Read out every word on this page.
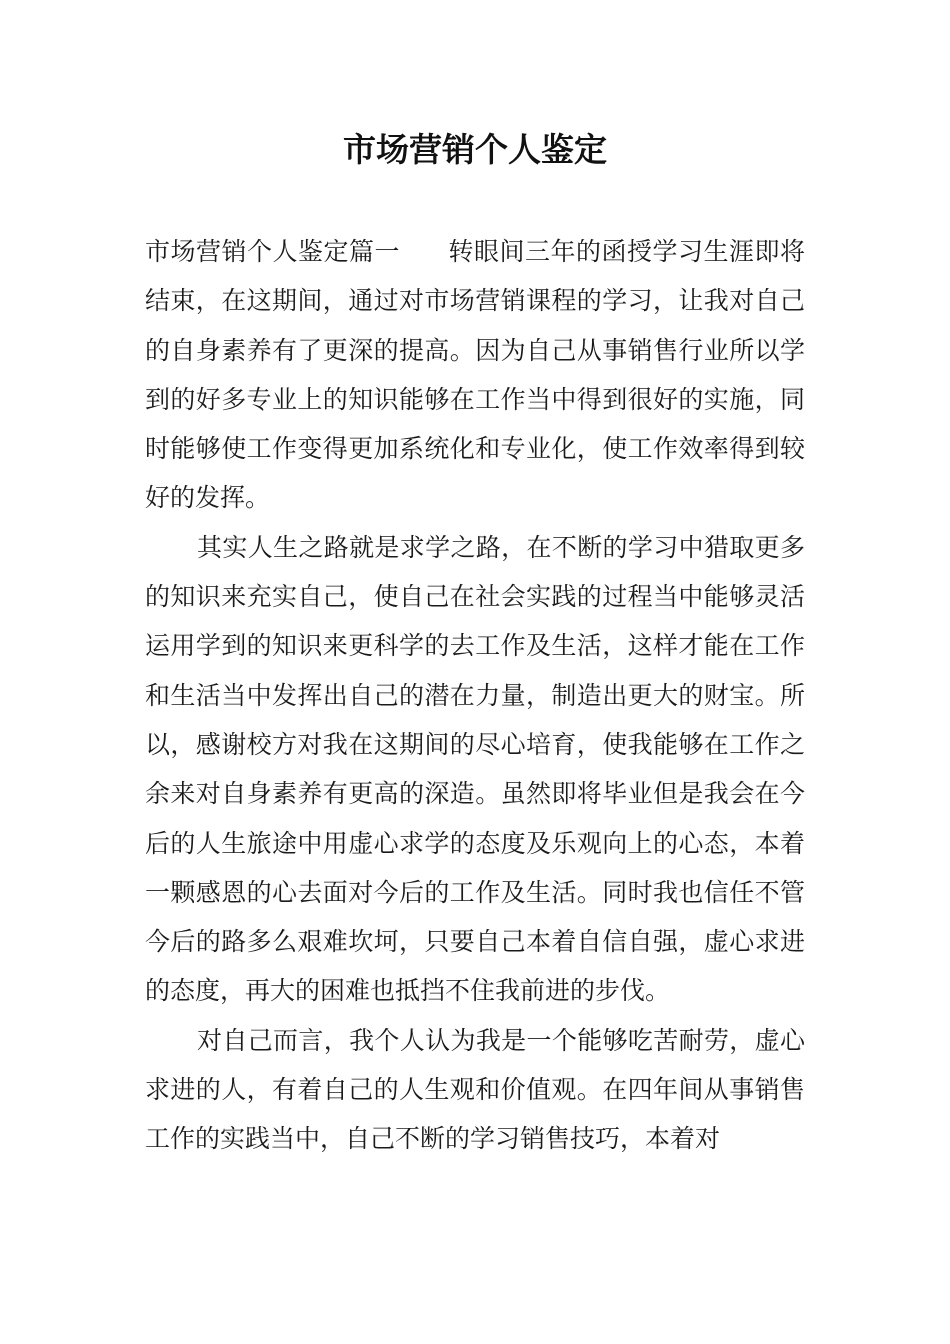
市场营销个人鉴定

市场营销个人鉴定篇一 转眼间三年的函授学习生涯即将结束，在这期间，通过对市场营销课程的学习，让我对自己的自身素养有了更深的提高。因为自己从事销售行业所以学到的好多专业上的知识能够在工作当中得到很好的实施，同时能够使工作变得更加系统化和专业化，使工作效率得到较好的发挥。

其实人生之路就是求学之路，在不断的学习中猎取更多的知识来充实自己，使自己在社会实践的过程当中能够灵活运用学到的知识来更科学的去工作及生活，这样才能在工作和生活当中发挥出自己的潜在力量，制造出更大的财宝。所以，感谢校方对我在这期间的尽心培育，使我能够在工作之余来对自身素养有更高的深造。虽然即将毕业但是我会在今后的人生旅途中用虚心求学的态度及乐观向上的心态，本着一颗感恩的心去面对今后的工作及生活。同时我也信任不管今后的路多么艰难坎坷，只要自己本着自信自强，虚心求进的态度，再大的困难也抵挡不住我前进的步伐。

对自己而言，我个人认为我是一个能够吃苦耐劳，虚心求进的人，有着自己的人生观和价值观。在四年间从事销售工作的实践当中，自己不断的学习销售技巧，本着对
